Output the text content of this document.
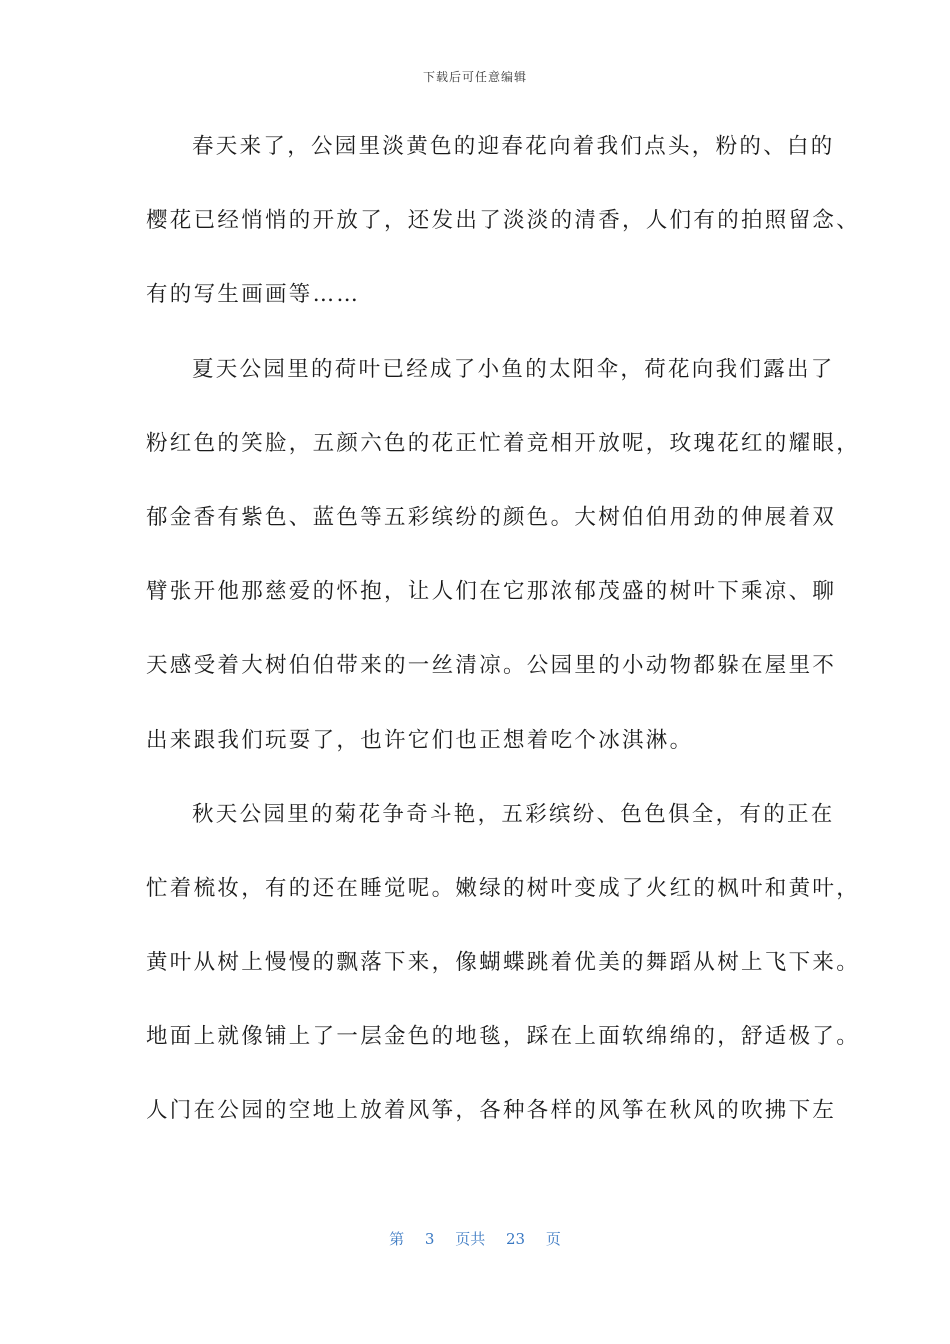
下载后可任意编辑
春天来了，公园里淡黄色的迎春花向着我们点头，粉的、白的
樱花已经悄悄的开放了，还发出了淡淡的清香，人们有的拍照留念、
有的写生画画等……
夏天公园里的荷叶已经成了小鱼的太阳伞，荷花向我们露出了
粉红色的笑脸，五颜六色的花正忙着竞相开放呢，玫瑰花红的耀眼，
郁金香有紫色、蓝色等五彩缤纷的颜色。大树伯伯用劲的伸展着双
臂张开他那慈爱的怀抱，让人们在它那浓郁茂盛的树叶下乘凉、聊
天感受着大树伯伯带来的一丝清凉。公园里的小动物都躲在屋里不
出来跟我们玩耍了，也许它们也正想着吃个冰淇淋。
秋天公园里的菊花争奇斗艳，五彩缤纷、色色俱全，有的正在
忙着梳妆，有的还在睡觉呢。嫩绿的树叶变成了火红的枫叶和黄叶，
黄叶从树上慢慢的飘落下来，像蝴蝶跳着优美的舞蹈从树上飞下来。
地面上就像铺上了一层金色的地毯，踩在上面软绵绵的，舒适极了。
人门在公园的空地上放着风筝，各种各样的风筝在秋风的吹拂下左
第 3 页共 23 页
